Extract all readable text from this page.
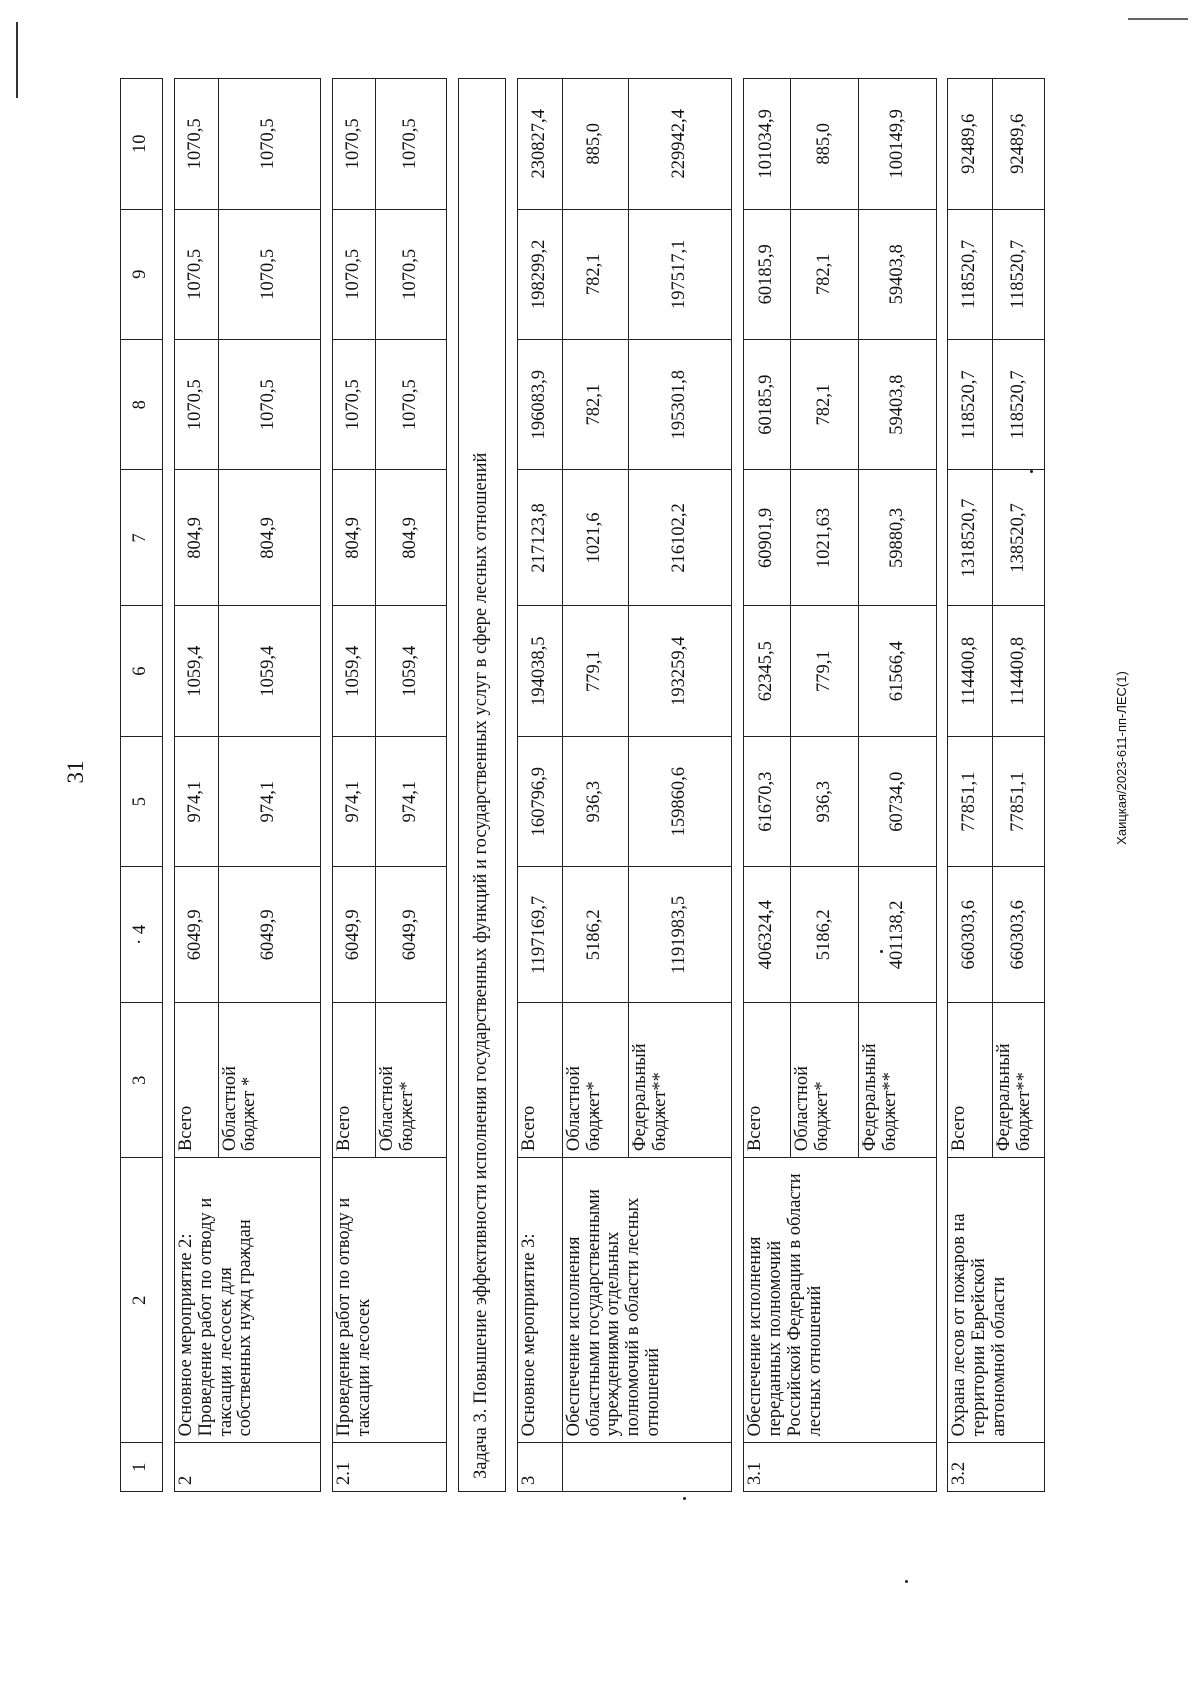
31	Хаицкая/2023-611-пп-ЛЕС(1)
1	2	3	· 4	5	6	7	8	9	10

2	Основное мероприятие 2: Проведение работ по отводу и таксации лесосек для собственных нужд граждан	Всего	6049,9	974,1	1059,4	804,9	1070,5	1070,5	1070,5
		Областной бюджет *	6049,9	974,1	1059,4	804,9	1070,5	1070,5	1070,5

2.1	Проведение работ по отводу и таксации лесосек	Всего	6049,9	974,1	1059,4	804,9	1070,5	1070,5	1070,5
		Областной бюджет*	6049,9	974,1	1059,4	804,9	1070,5	1070,5	1070,5

Задача 3. Повышение эффективности исполнения государственных функций и государственных услуг в сфере лесных отношений									

3	Основное мероприятие 3:	Всего	1197169,7	160796,9	194038,5	217123,8	196083,9	198299,2	230827,4
	Обеспечение исполнения областными государственными учреждениями отдельных полномочий в области лесных отношений	Областной бюджет*	5186,2	936,3	779,1	1021,6	782,1	782,1	885,0
		Федеральный бюджет**	1191983,5	159860,6	193259,4	216102,2	195301,8	197517,1	229942,4

3.1	Обеспечение исполнения переданных полномочий Российской Федерации в области лесных отношений	Всего	406324,4	61670,3	62345,5	60901,9	60185,9	60185,9	101034,9
		Областной бюджет*	5186,2	936,3	779,1	1021,63	782,1	782,1	885,0
		Федеральный бюджет**	401138,2	60734,0	61566,4	59880,3	59403,8	59403,8	100149,9

3.2	Охрана лесов от пожаров на территории Еврейской автономной области	Всего	660303,6	77851,1	114400,8	1318520,7	118520,7	118520,7	92489,6
		Федеральный бюджет**	660303,6	77851,1	114400,8	138520,7	118520,7	118520,7	92489,6
